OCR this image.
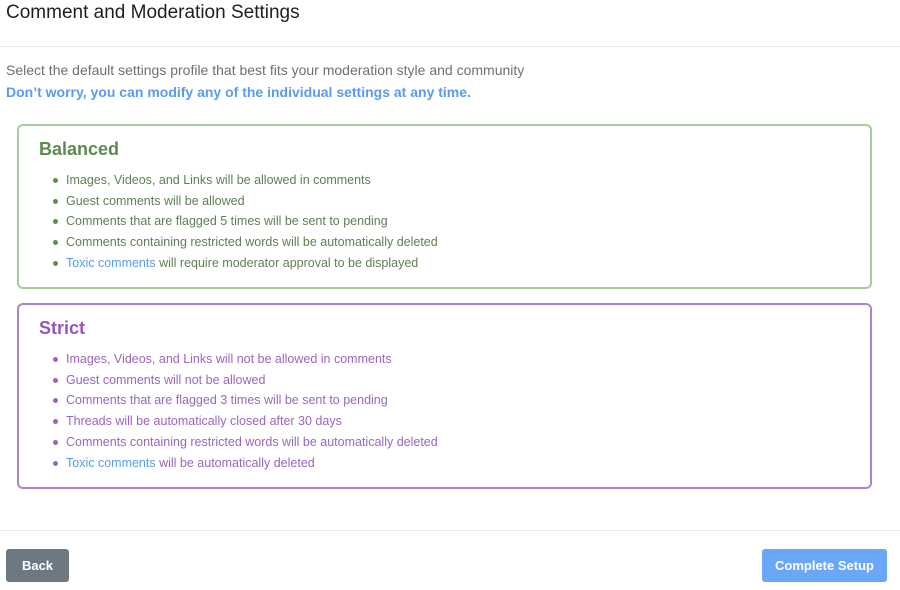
Comment and Moderation Settings
Select the default settings profile that best fits your moderation style and community
Don’t worry, you can modify any of the individual settings at any time.
Balanced
Images, Videos, and Links will be allowed in comments
Guest comments will be allowed
Comments that are flagged 5 times will be sent to pending
Comments containing restricted words will be automatically deleted
Toxic comments will require moderator approval to be displayed
Strict
Images, Videos, and Links will not be allowed in comments
Guest comments will not be allowed
Comments that are flagged 3 times will be sent to pending
Threads will be automatically closed after 30 days
Comments containing restricted words will be automatically deleted
Toxic comments will be automatically deleted
Back	Complete Setup
